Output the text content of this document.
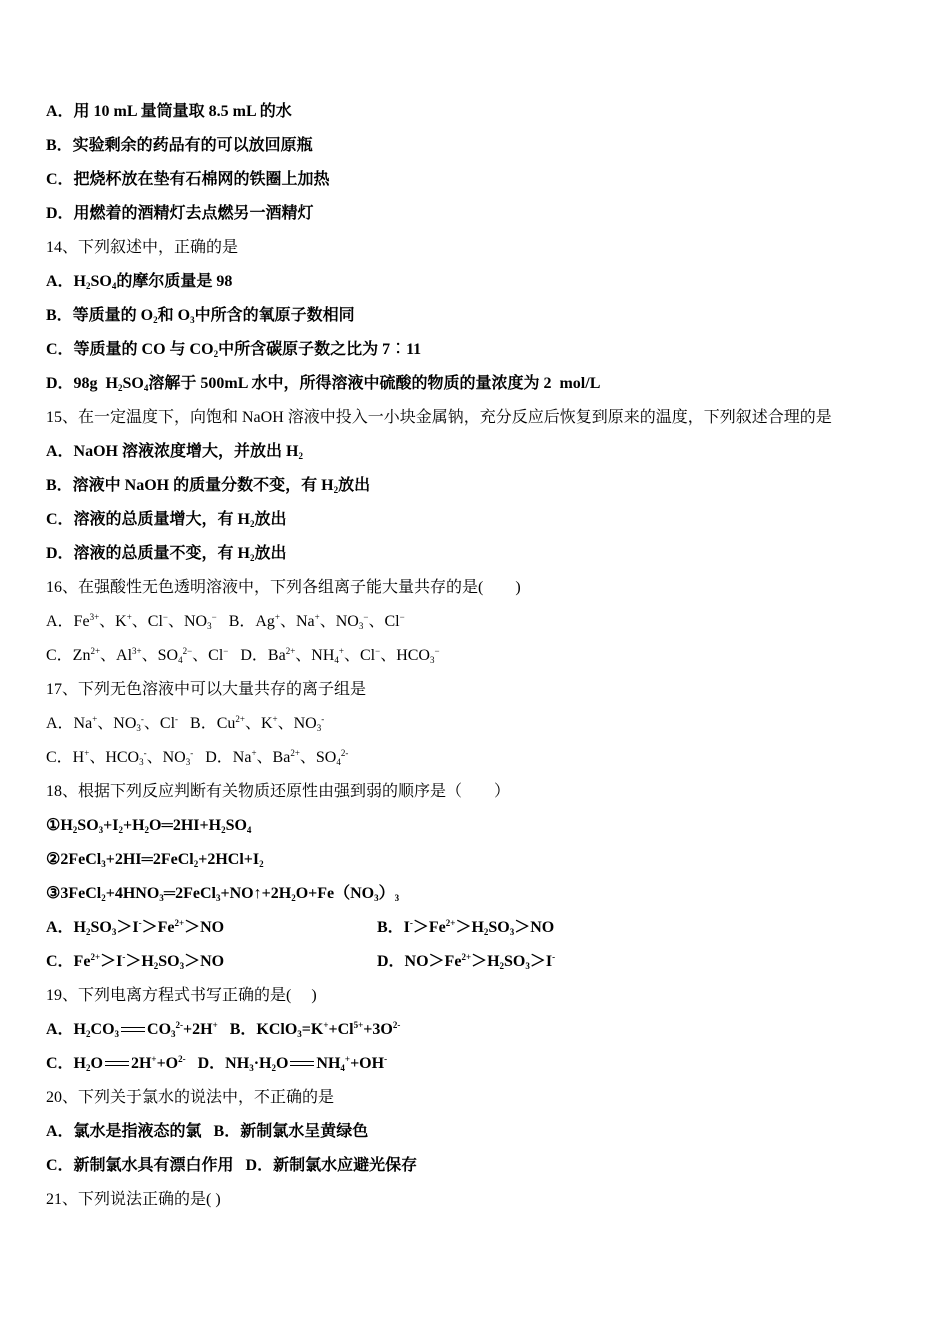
A．用 10 mL 量筒量取 8.5 mL 的水
B．实验剩余的药品有的可以放回原瓶
C．把烧杯放在垫有石棉网的铁圈上加热
D．用燃着的酒精灯去点燃另一酒精灯
14、下列叙述中，正确的是
A．$H_2SO_4$的摩尔质量是 98
B．等质量的 $O_2$和 $O_3$中所含的氧原子数相同
C．等质量的 CO 与 $CO_2$中所含碳原子数之比为 7︰11
D．98g  $H_2SO_4$溶解于 500mL 水中，所得溶液中硫酸的物质的量浓度为 2  mol/L
15、在一定温度下，向饱和 NaOH 溶液中投入一小块金属钠，充分反应后恢复到原来的温度，下列叙述合理的是
A．NaOH 溶液浓度增大，并放出 $H_2$
B．溶液中 NaOH 的质量分数不变，有 $H_2$放出
C．溶液的总质量增大，有 $H_2$放出
D．溶液的总质量不变，有 $H_2$放出
16、在强酸性无色透明溶液中，下列各组离子能大量共存的是(　　)
A．$Fe^{3+}$、K+、Cl−、$NO_3^-$   B．Ag+、Na+、$NO_3^-$、Cl−
C．$Zn^{2+}$、$Al^{3+}$、$SO_4^{2-}$、Cl−   D．$Ba^{2+}$、$NH_4^+$、Cl−、$HCO_3^-$
17、下列无色溶液中可以大量共存的离子组是
A．Na+、$NO_3^-$、Cl-   B．$Cu^{2+}$、K+、$NO_3^-$
C．H+、$HCO_3^-$、$NO_3^-$   D．Na+、$Ba^{2+}$、$SO_4^{2-}$
18、根据下列反应判断有关物质还原性由强到弱的顺序是（　　）
$①H_2SO_3+I_2+H_2O═2HI+H_2SO_4$
$②2FeCl_3+2HI═2FeCl_2+2HCl+I_2$
$③3FeCl_2+4HNO_3═2FeCl_3+NO↑+2H_2O+Fe(NO_3)_3$
A．$H_2SO_3>I^->Fe^{2+}>NO$	B．$I^->Fe^{2+}>H_2SO_3>NO$
C．$Fe^{2+}>I^->H_2SO_3>NO$	D．$NO>Fe^{2+}>H_2SO_3>I^-$
19、下列电离方程式书写正确的是(　 )
A．$H_2CO_3$ $CO_3^{2-}+2H^+$   B．$KClO_3=K^++Cl^{5+}+3O^{2-}$
C．$H_2O$ $2H^++O^{2-}$   D．$NH_3\cdot H_2O$ $NH_4^++OH^-$
20、下列关于氯水的说法中，不正确的是
A．氯水是指液态的氯   B．新制氯水呈黄绿色
C．新制氯水具有漂白作用   D．新制氯水应避光保存
21、下列说法正确的是( )
